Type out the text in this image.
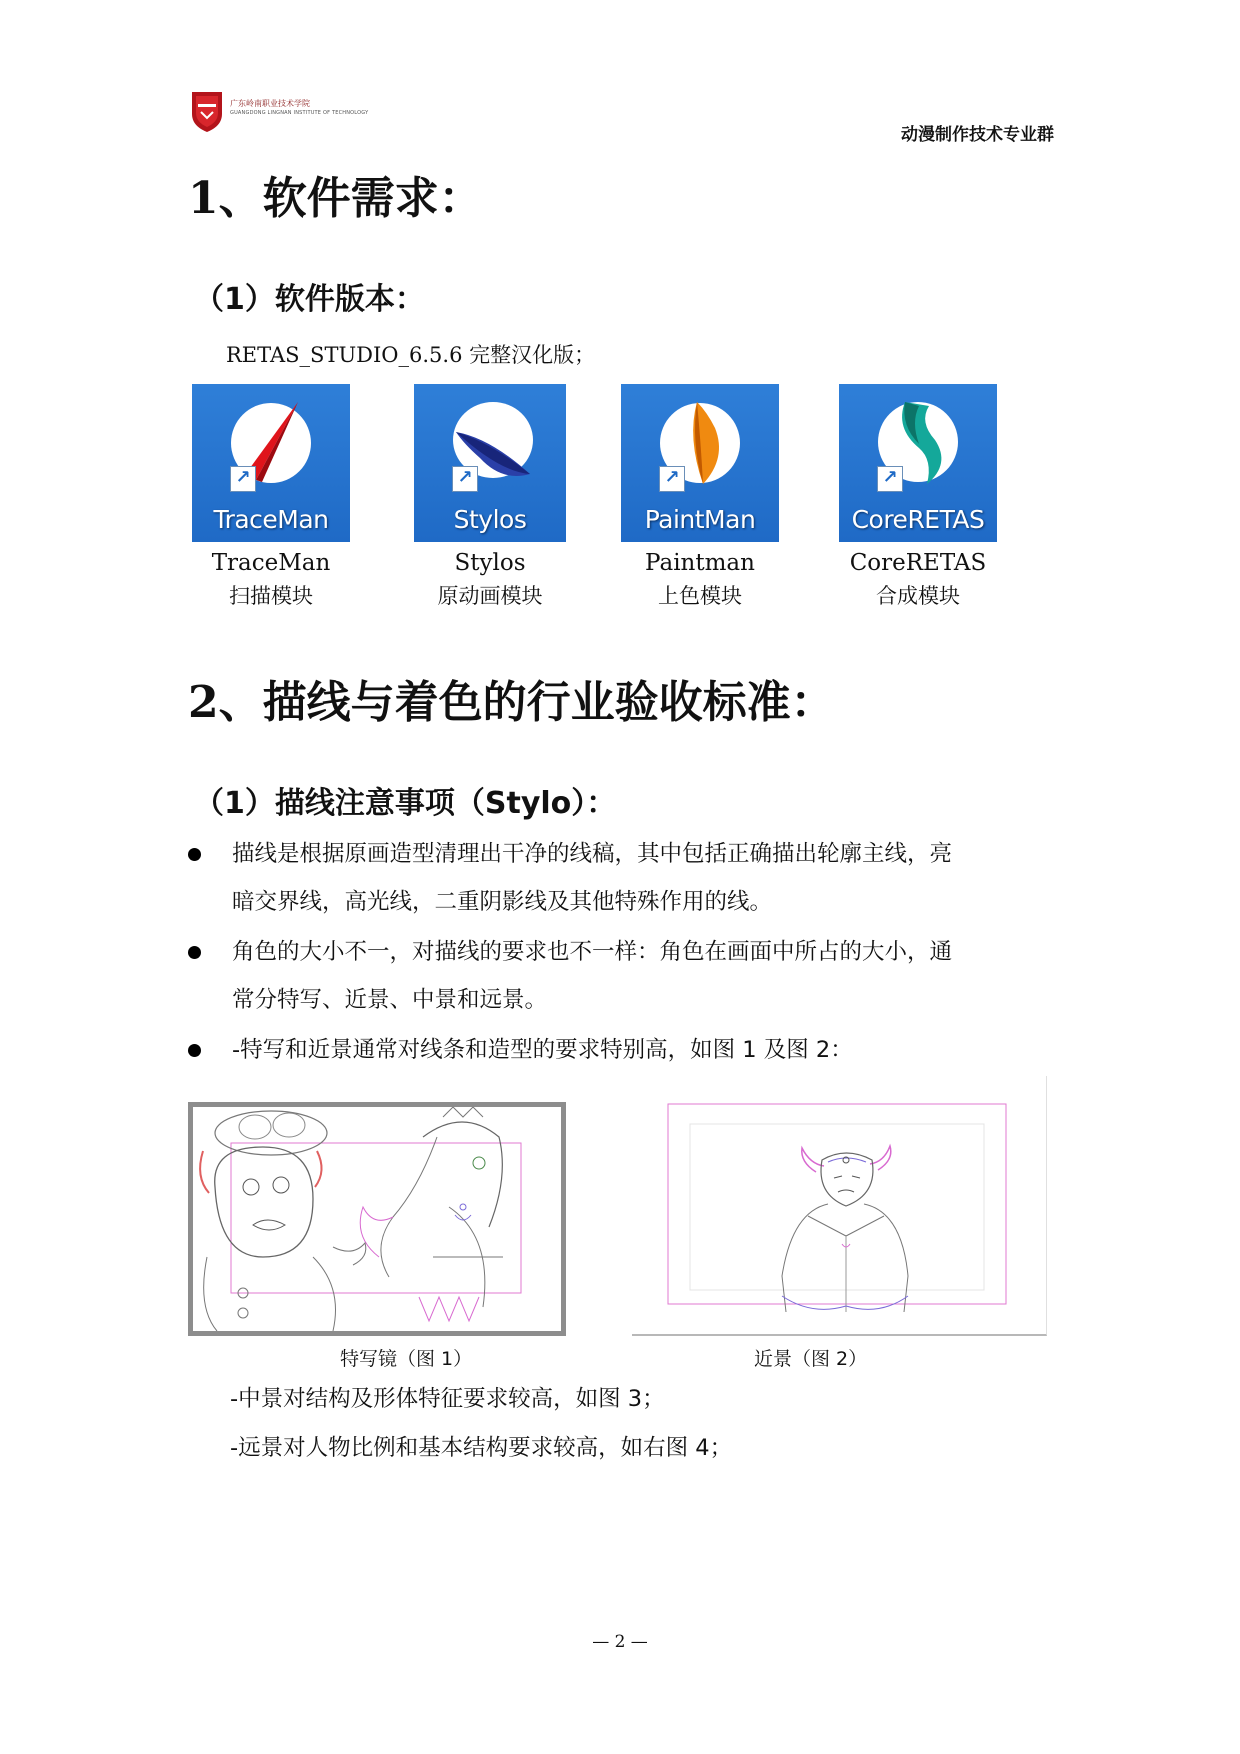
广东岭南职业技术学院
GUANGDONG LINGNAN INSTITUTE OF TECHNOLOGY
动漫制作技术专业群
1、软件需求：
（1）软件版本：
RETAS_STUDIO_6.5.6 完整汉化版；
↗
TraceMan
TraceMan
扫描模块
↗
Stylos
Stylos
原动画模块
↗
PaintMan
Paintman
上色模块
↗
CoreRETAS
CoreRETAS
合成模块
2、描线与着色的行业验收标准：
（1）描线注意事项（Stylo）：
描线是根据原画造型清理出干净的线稿，其中包括正确描出轮廓主线，亮
暗交界线，高光线，二重阴影线及其他特殊作用的线。
角色的大小不一，对描线的要求也不一样：角色在画面中所占的大小，通
常分特写、近景、中景和远景。
-特写和近景通常对线条和造型的要求特别高，如图 1 及图 2：
特写镜（图 1）	近景（图 2）
-中景对结构及形体特征要求较高，如图 3；
-远景对人物比例和基本结构要求较高，如右图 4；
— 2 —
